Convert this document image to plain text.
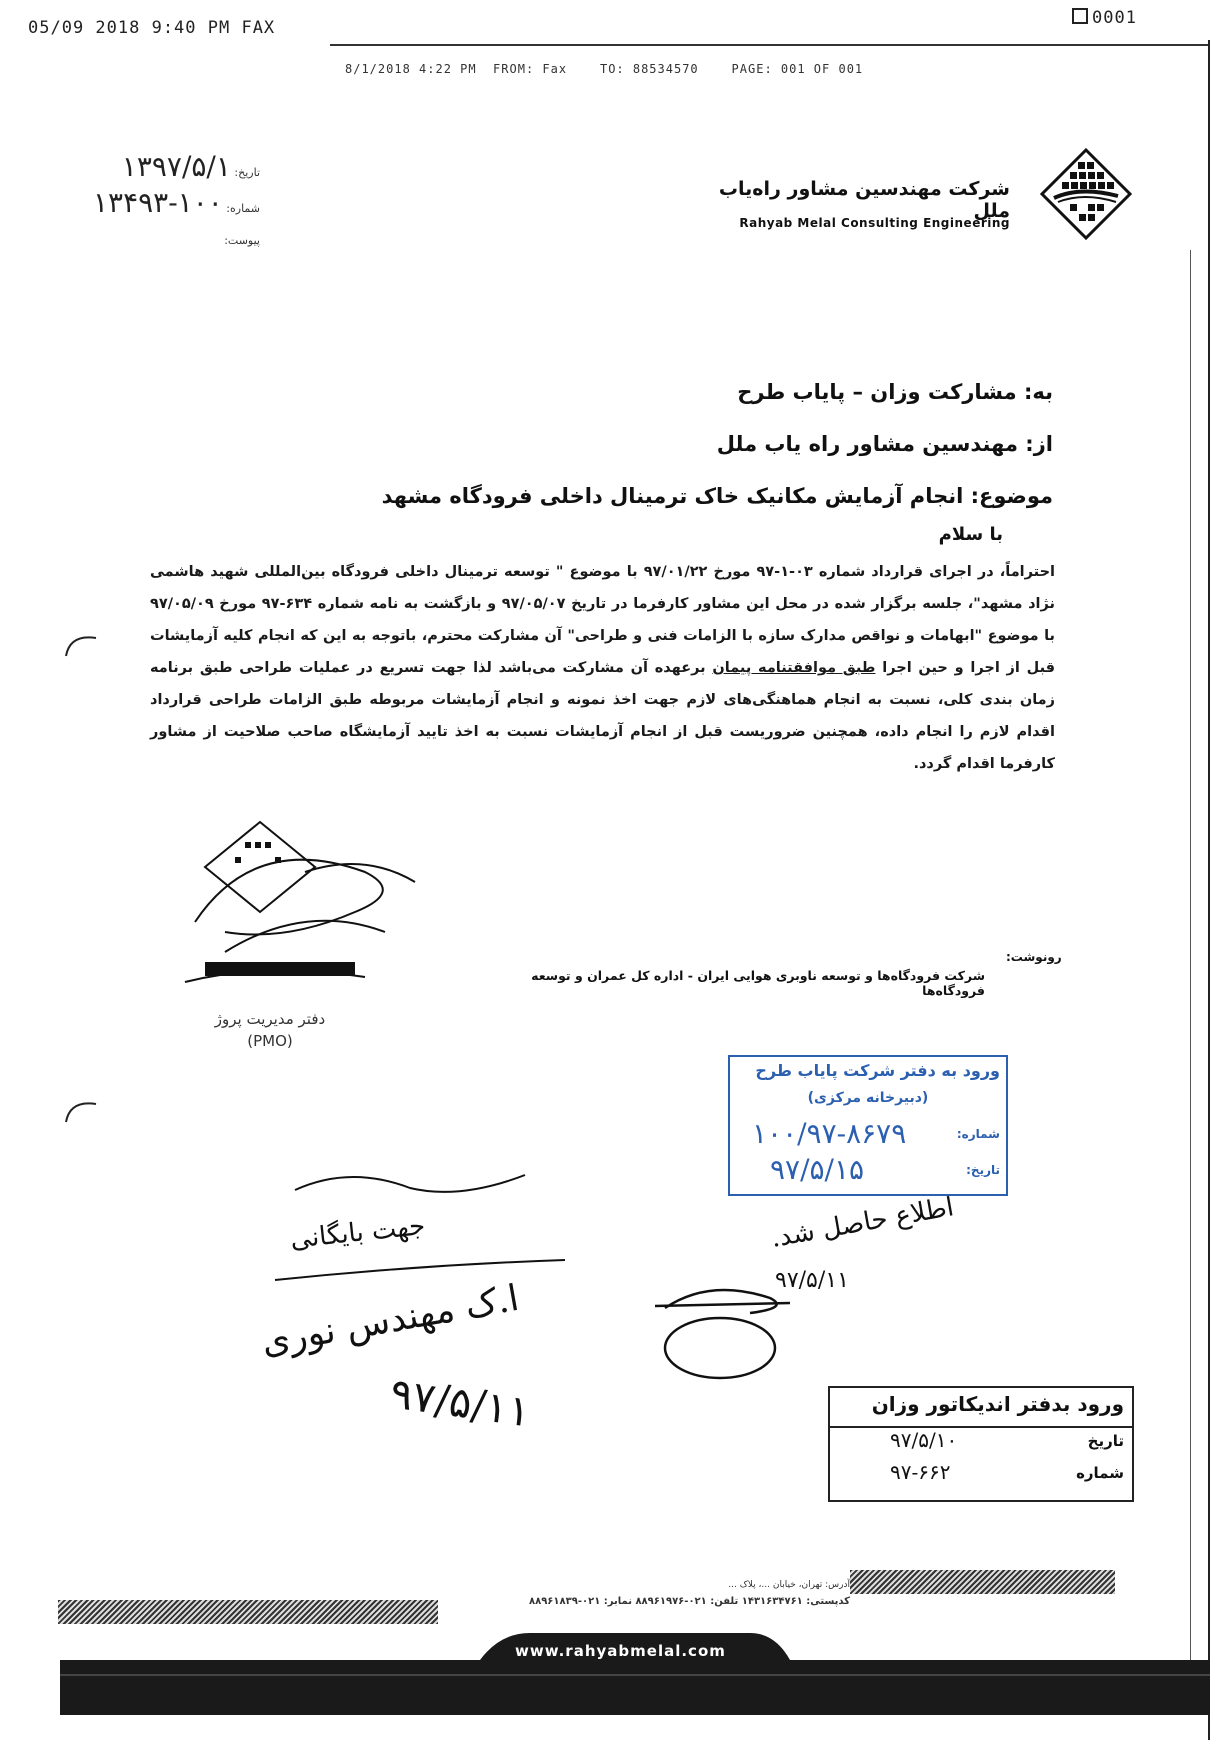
05/09 2018 9:40 PM FAX	0001
8/1/2018 4:22 PM  FROM: Fax    TO: 88534570    PAGE: 001 OF 001
شرکت مهندسین مشاور راه‌یاب ملل
Rahyab Melal Consulting Engineering
تاریخ: ۱۳۹۷/۵/۱
شماره: ۱۰۰-۱۳۴۹۳
پیوست:
به: مشارکت وزان – پایاب طرح
از: مهندسین مشاور راه یاب ملل
موضوع: انجام آزمایش مکانیک خاک ترمینال داخلی فرودگاه مشهد
با سلام
احتراماً، در اجرای قرارداد شماره ۰۳-۱-۹۷ مورخ ۹۷/۰۱/۲۲ با موضوع " توسعه ترمینال داخلی فرودگاه بین‌المللی شهید هاشمی نژاد مشهد"، جلسه برگزار شده در محل این مشاور کارفرما در تاریخ ۹۷/۰۵/۰۷ و بازگشت به نامه شماره ۶۳۴-۹۷ مورخ ۹۷/۰۵/۰۹ با موضوع "ابهامات و نواقص مدارک سازه با الزامات فنی و طراحی" آن مشارکت محترم، باتوجه به این که انجام کلیه آزمایشات قبل از اجرا و حین اجرا طبق موافقتنامه پیمان برعهده آن مشارکت می‌باشد لذا جهت تسریع در عملیات طراحی طبق برنامه زمان بندی کلی، نسبت به انجام هماهنگی‌های لازم جهت اخذ نمونه و انجام آزمایشات مربوطه طبق الزامات طراحی قرارداد اقدام لازم را انجام داده، همچنین ضروریست قبل از انجام آزمایشات نسبت به اخذ تایید آزمایشگاه صاحب صلاحیت از مشاور کارفرما اقدام گردد.
دفتر مدیریت پروژ
(PMO)
رونوشت:
شرکت فرودگاه‌ها و توسعه ناوبری هوایی ایران - اداره کل عمران و توسعه فرودگاه‌ها
ورود به دفتر شرکت پایاب طرح
(دبیرخانه مرکزی)
شماره:
۱۰۰/۹۷-۸۶۷۹
تاریخ:
۹۷/۵/۱۵
جهت بایگانی
ا.ک مهندس نوری
۹۷/۵/۱۱
اطلاع حاصل شد.
۹۷/۵/۱۱
ورود بدفتر اندیکاتور وزان
تاریخ
۹۷/۵/۱۰
شماره
۹۷-۶۶۲
آدرس: تهران، خیابان ...، پلاک ...
کدپستی: ۱۴۳۱۶۳۴۷۶۱ تلفن: ۰۲۱-۸۸۹۶۱۹۷۶ نمابر: ۰۲۱-۸۸۹۶۱۸۳۹
www.rahyabmelal.com
